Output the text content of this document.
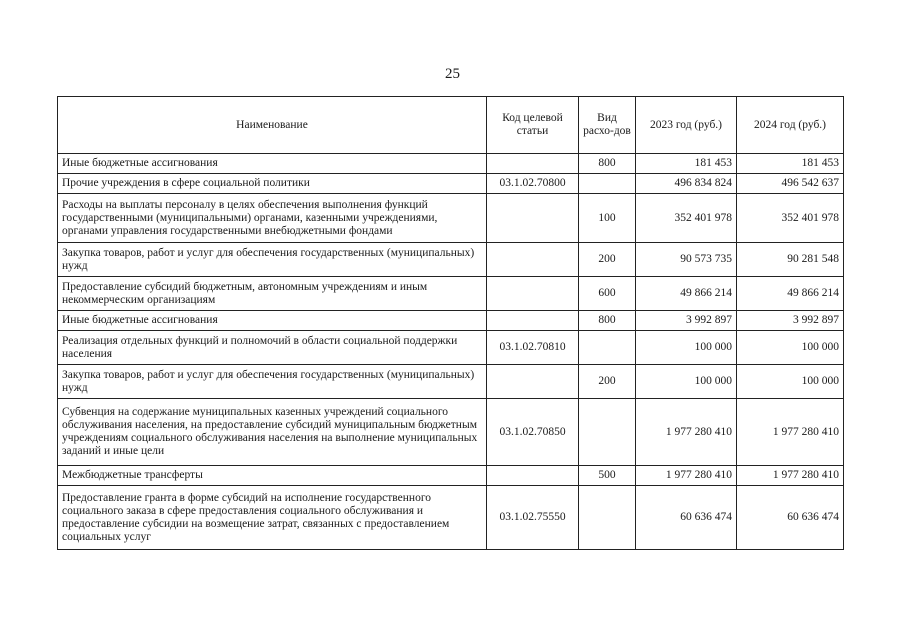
25
Наименование	Код целевой статьи	Вид расхо-дов	2023 год (руб.)	2024 год (руб.)
Иные бюджетные ассигнования		800	181 453	181 453
Прочие учреждения в сфере социальной политики	03.1.02.70800		496 834 824	496 542 637
Расходы на выплаты персоналу в целях обеспечения выполнения функций государственными (муниципальными) органами, казенными учреждениями, органами управления государственными внебюджетными фондами		100	352 401 978	352 401 978
Закупка товаров, работ и услуг для обеспечения государственных (муниципальных) нужд		200	90 573 735	90 281 548
Предоставление субсидий бюджетным, автономным учреждениям и иным некоммерческим организациям		600	49 866 214	49 866 214
Иные бюджетные ассигнования		800	3 992 897	3 992 897
Реализация отдельных функций и полномочий в области социальной поддержки населения	03.1.02.70810		100 000	100 000
Закупка товаров, работ и услуг для обеспечения государственных (муниципальных) нужд		200	100 000	100 000
Субвенция на содержание муниципальных казенных учреждений социального обслуживания населения, на предоставление субсидий муниципальным бюджетным учреждениям социального обслуживания населения на выполнение муниципальных заданий и иные цели	03.1.02.70850		1 977 280 410	1 977 280 410
Межбюджетные трансферты		500	1 977 280 410	1 977 280 410
Предоставление гранта в форме субсидий на исполнение государственного социального заказа в сфере предоставления социального обслуживания и предоставление субсидии на возмещение затрат, связанных с предоставлением социальных услуг	03.1.02.75550		60 636 474	60 636 474
